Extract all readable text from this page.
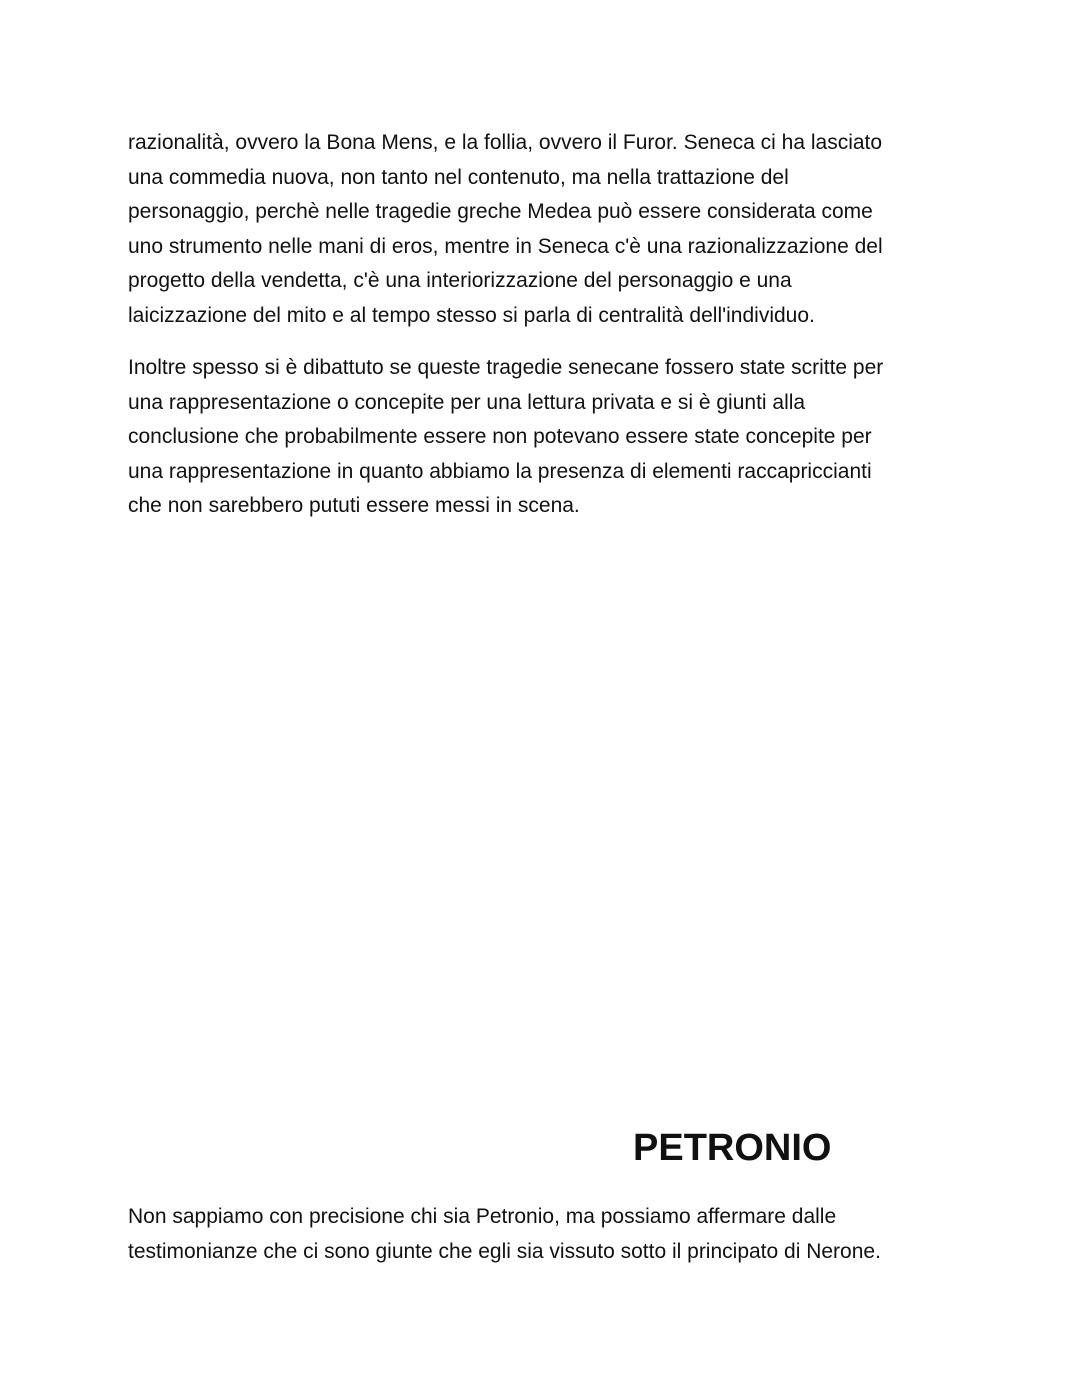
razionalità, ovvero la Bona Mens, e la follia, ovvero il Furor. Seneca ci ha lasciato
una commedia nuova, non tanto nel contenuto, ma nella trattazione del
personaggio, perchè nelle tragedie greche Medea può essere considerata come
uno strumento nelle mani di eros, mentre in Seneca c'è una razionalizzazione del
progetto della vendetta, c'è una interiorizzazione del personaggio e una
laicizzazione del mito e al tempo stesso si parla di centralità dell'individuo.
Inoltre spesso si è dibattuto se queste tragedie senecane fossero state scritte per
una rappresentazione o concepite per una lettura privata e si è giunti alla
conclusione che probabilmente essere non potevano essere state concepite per
una rappresentazione in quanto abbiamo la presenza di elementi raccapriccianti
che non sarebbero pututi essere messi in scena.
PETRONIO
Non sappiamo con precisione chi sia Petronio, ma possiamo affermare dalle
testimonianze che ci sono giunte che egli sia vissuto sotto il principato di Nerone.
